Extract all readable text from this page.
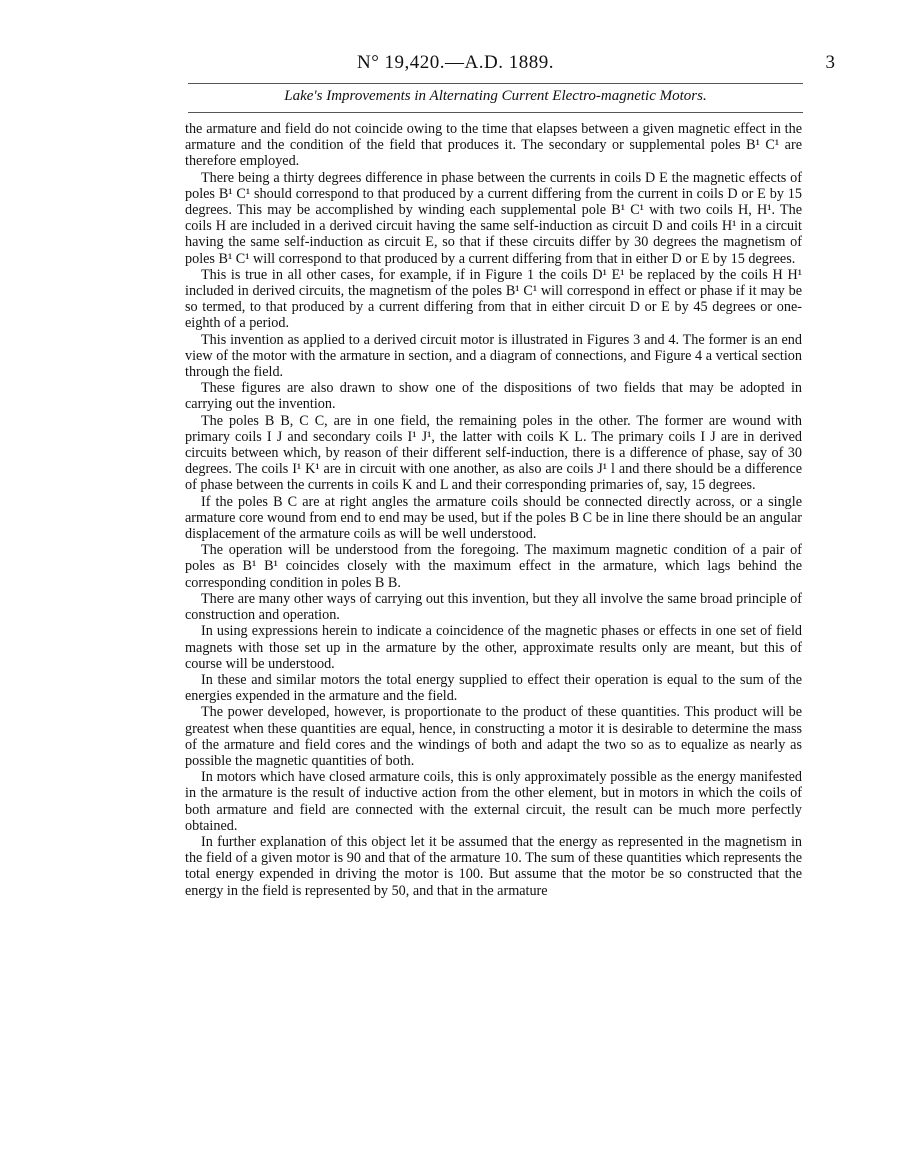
N° 19,420.—A.D. 1889.	3
Lake's Improvements in Alternating Current Electro-magnetic Motors.

the armature and field do not coincide owing to the time that elapses between a given magnetic effect in the armature and the condition of the field that produces it. The secondary or supplemental poles B¹ C¹ are therefore employed.

There being a thirty degrees difference in phase between the currents in coils D E the magnetic effects of poles B¹ C¹ should correspond to that produced by a current differing from the current in coils D or E by 15 degrees. This may be accomplished by winding each supplemental pole B¹ C¹ with two coils H, H¹. The coils H are included in a derived circuit having the same self-induction as circuit D and coils H¹ in a circuit having the same self-induction as circuit E, so that if these circuits differ by 30 degrees the magnetism of poles B¹ C¹ will correspond to that produced by a current differing from that in either D or E by 15 degrees.

This is true in all other cases, for example, if in Figure 1 the coils D¹ E¹ be replaced by the coils H H¹ included in derived circuits, the magnetism of the poles B¹ C¹ will correspond in effect or phase if it may be so termed, to that produced by a current differing from that in either circuit D or E by 45 degrees or one-eighth of a period.

This invention as applied to a derived circuit motor is illustrated in Figures 3 and 4. The former is an end view of the motor with the armature in section, and a diagram of connections, and Figure 4 a vertical section through the field.

These figures are also drawn to show one of the dispositions of two fields that may be adopted in carrying out the invention.

The poles B B, C C, are in one field, the remaining poles in the other. The former are wound with primary coils I J and secondary coils I¹ J¹, the latter with coils K L. The primary coils I J are in derived circuits between which, by reason of their different self-induction, there is a difference of phase, say of 30 degrees. The coils I¹ K¹ are in circuit with one another, as also are coils J¹ l and there should be a difference of phase between the currents in coils K and L and their corresponding primaries of, say, 15 degrees.

If the poles B C are at right angles the armature coils should be connected directly across, or a single armature core wound from end to end may be used, but if the poles B C be in line there should be an angular displacement of the armature coils as will be well understood.

The operation will be understood from the foregoing. The maximum magnetic condition of a pair of poles as B¹ B¹ coincides closely with the maximum effect in the armature, which lags behind the corresponding condition in poles B B.

There are many other ways of carrying out this invention, but they all involve the same broad principle of construction and operation.

In using expressions herein to indicate a coincidence of the magnetic phases or effects in one set of field magnets with those set up in the armature by the other, approximate results only are meant, but this of course will be understood.

In these and similar motors the total energy supplied to effect their operation is equal to the sum of the energies expended in the armature and the field.

The power developed, however, is proportionate to the product of these quantities. This product will be greatest when these quantities are equal, hence, in constructing a motor it is desirable to determine the mass of the armature and field cores and the windings of both and adapt the two so as to equalize as nearly as possible the magnetic quantities of both.

In motors which have closed armature coils, this is only approximately possible as the energy manifested in the armature is the result of inductive action from the other element, but in motors in which the coils of both armature and field are connected with the external circuit, the result can be much more perfectly obtained.

In further explanation of this object let it be assumed that the energy as represented in the magnetism in the field of a given motor is 90 and that of the armature 10. The sum of these quantities which represents the total energy expended in driving the motor is 100. But assume that the motor be so constructed that the energy in the field is represented by 50, and that in the armature
